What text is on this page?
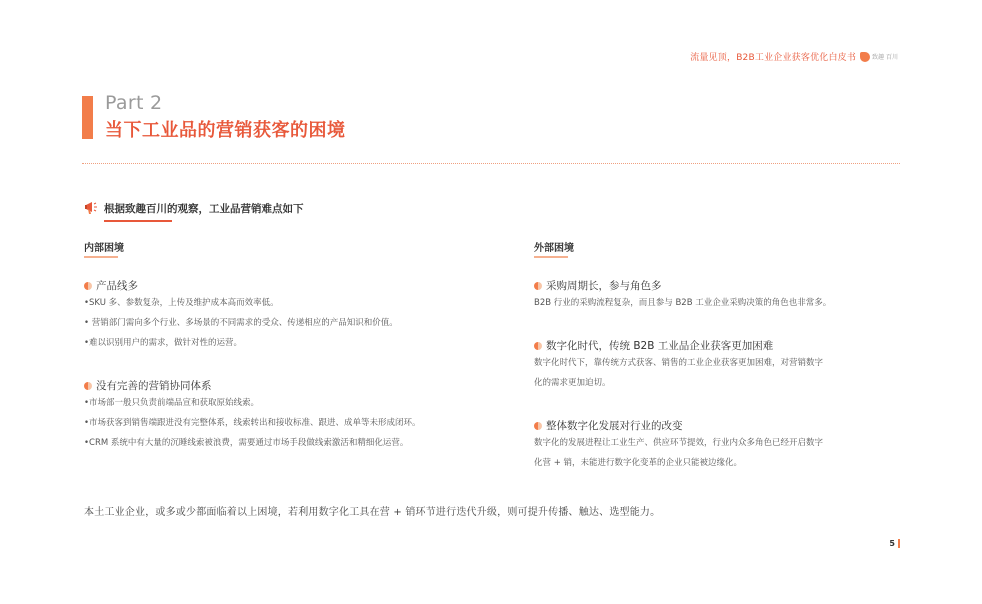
流量见顶，B2B工业企业获客优化白皮书	致趣 百川
Part 2
当下工业品的营销获客的困境
根据致趣百川的观察，工业品营销难点如下
内部困境
产品线多
•SKU 多、参数复杂，上传及维护成本高而效率低。
• 营销部门需向多个行业、多场景的不同需求的受众、传递相应的产品知识和价值。
•难以识别用户的需求，做针对性的运营。
没有完善的营销协同体系
•市场部一般只负责前端品宣和获取原始线索。
•市场获客到销售端跟进没有完整体系，线索转出和接收标准、跟进、成单等未形成闭环。
•CRM 系统中有大量的沉睡线索被浪费，需要通过市场手段做线索激活和精细化运营。
外部困境
采购周期长，参与角色多
B2B 行业的采购流程复杂，而且参与 B2B 工业企业采购决策的角色也非常多。
数字化时代，传统 B2B 工业品企业获客更加困难
数字化时代下，靠传统方式获客、销售的工业企业获客更加困难，对营销数字
化的需求更加迫切。
整体数字化发展对行业的改变
数字化的发展进程让工业生产、供应环节提效，行业内众多角色已经开启数字
化营 + 销，未能进行数字化变革的企业只能被边缘化。
本土工业企业，或多或少都面临着以上困境，若利用数字化工具在营 + 销环节进行迭代升级，则可提升传播、触达、选型能力。
5
